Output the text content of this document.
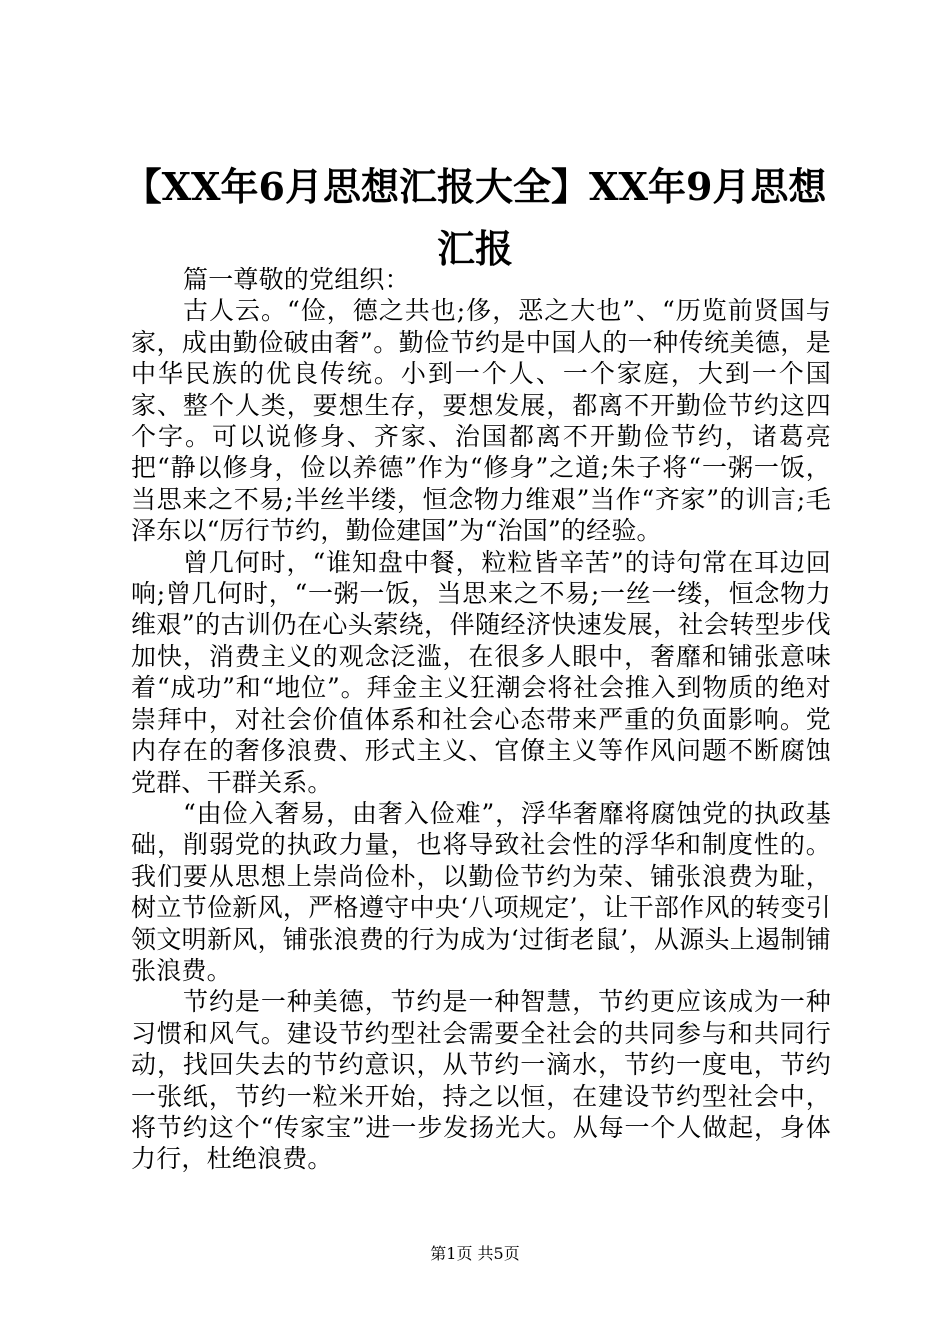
【XX年6月思想汇报大全】XX年9月思想汇报

篇一尊敬的党组织：

古人云。“俭，德之共也;侈，恶之大也”、“历览前贤国与家，成由勤俭破由奢”。勤俭节约是中国人的一种传统美德，是中华民族的优良传统。小到一个人、一个家庭，大到一个国家、整个人类，要想生存，要想发展，都离不开勤俭节约这四个字。可以说修身、齐家、治国都离不开勤俭节约，诸葛亮把“静以修身，俭以养德”作为“修身”之道;朱子将“一粥一饭，当思来之不易;半丝半缕，恒念物力维艰”当作“齐家”的训言;毛泽东以“厉行节约，勤俭建国”为“治国”的经验。

曾几何时，“谁知盘中餐，粒粒皆辛苦”的诗句常在耳边回响;曾几何时，“一粥一饭，当思来之不易;一丝一缕，恒念物力维艰”的古训仍在心头萦绕，伴随经济快速发展，社会转型步伐加快，消费主义的观念泛滥，在很多人眼中，奢靡和铺张意味着“成功”和“地位”。拜金主义狂潮会将社会推入到物质的绝对崇拜中，对社会价值体系和社会心态带来严重的负面影响。党内存在的奢侈浪费、形式主义、官僚主义等作风问题不断腐蚀党群、干群关系。

“由俭入奢易，由奢入俭难”，浮华奢靡将腐蚀党的执政基础，削弱党的执政力量，也将导致社会性的浮华和制度性的。我们要从思想上崇尚俭朴，以勤俭节约为荣、铺张浪费为耻，树立节俭新风，严格遵守中央‘八项规定’，让干部作风的转变引领文明新风，铺张浪费的行为成为‘过街老鼠’，从源头上遏制铺张浪费。

节约是一种美德，节约是一种智慧，节约更应该成为一种习惯和风气。建设节约型社会需要全社会的共同参与和共同行动，找回失去的节约意识，从节约一滴水，节约一度电，节约一张纸，节约一粒米开始，持之以恒，在建设节约型社会中，将节约这个“传家宝”进一步发扬光大。从每一个人做起，身体力行，杜绝浪费。

第1页 共5页
